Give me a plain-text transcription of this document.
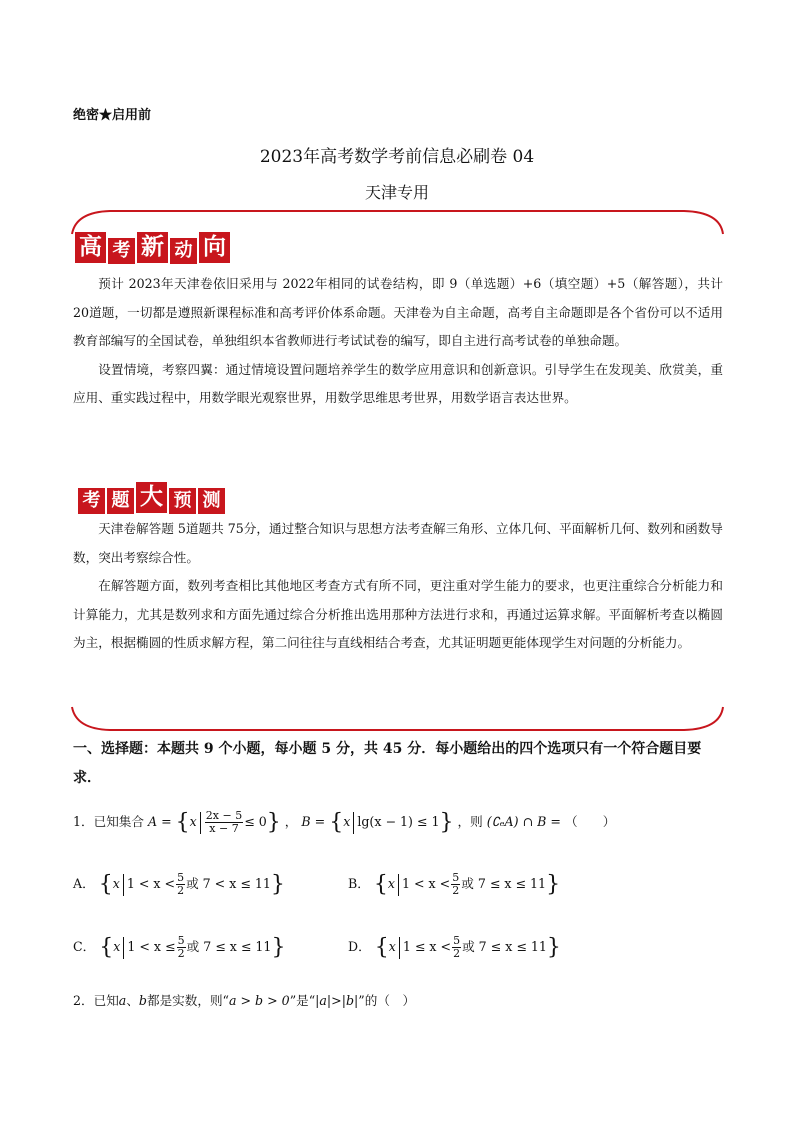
绝密★启用前
2023年高考数学考前信息必刷卷 04
天津专用
高 考 新 动 向

预计 2023年天津卷依旧采用与 2022年相同的试卷结构，即 9（单选题）+6（填空题）+5（解答题），共计 20道题，一切都是遵照新课程标准和高考评价体系命题。天津卷为自主命题，高考自主命题即是各个省份可以不适用教育部编写的全国试卷，单独组织本省教师进行考试试卷的编写，即自主进行高考试卷的单独命题。

设置情境，考察四翼：通过情境设置问题培养学生的数学应用意识和创新意识。引导学生在发现美、欣赏美，重应用、重实践过程中，用数学眼光观察世界，用数学思维思考世界，用数学语言表达世界。

考 题 大 预 测

天津卷解答题 5道题共 75分，通过整合知识与思想方法考查解三角形、立体几何、平面解析几何、数列和函数导数，突出考察综合性。

在解答题方面，数列考查相比其他地区考查方式有所不同，更注重对学生能力的要求，也更注重综合分析能力和计算能力，尤其是数列求和方面先通过综合分析推出选用那种方法进行求和，再通过运算求解。平面解析考查以椭圆为主，根据椭圆的性质求解方程，第二问往往与直线相结合考查，尤其证明题更能体现学生对问题的分析能力。

一、选择题：本题共 9 个小题，每小题 5 分，共 45 分．每小题给出的四个选项只有一个符合题目要求．
1．已知集合 $A = \{x \frac{2x - 5}{x - 7} \le 0\}$ ， B = {x lg(x − 1) ≤ 1} ，则 (∁ₑA) ∩ B = （　　）
A． {x $1 < x < \frac{5}{2}$ 或 7 < x ≤ 11}	B． {x $1 < x < \frac{5}{2}$ 或 7 ≤ x ≤ 11}
C． {x $1 < x \le \frac{5}{2}$ 或 7 ≤ x ≤ 11}	D． {x $1 \le x < \frac{5}{2}$ 或 7 ≤ x ≤ 11}
2．已知a、b都是实数，则“a > b > 0”是“|a|>|b|”的（　）
